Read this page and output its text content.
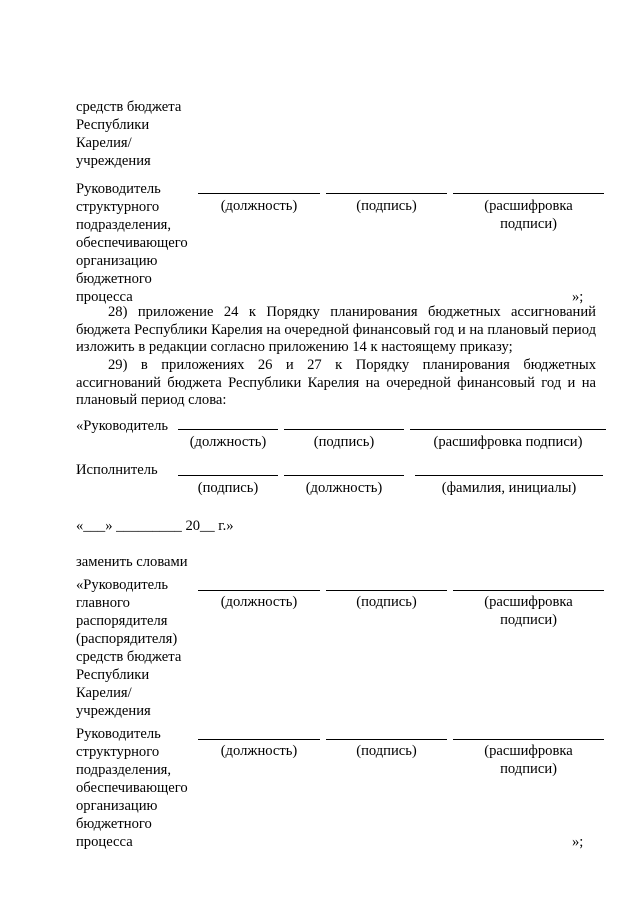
средств бюджета
Республики
Карелия/
учреждения
Руководитель
структурного
подразделения,
обеспечивающего
организацию
бюджетного
процесса
(должность)	(подпись)	(расшифровка
подписи)
»;
28) приложение 24 к Порядку планирования бюджетных ассигнований бюджета Республики Карелия на очередной финансовый год и на плановый период изложить в редакции согласно приложению 14 к настоящему приказу;
29) в приложениях 26 и 27 к Порядку планирования бюджетных ассигнований бюджета Республики Карелия на очередной финансовый год и на плановый период слова:
«Руководитель
(должность)	(подпись)	(расшифровка подписи)
Исполнитель
(подпись)	(должность)	(фамилия, инициалы)
«___» _________ 20__ г.»
заменить словами
«Руководитель
главного
распорядителя
(распорядителя)
средств бюджета
Республики
Карелия/
учреждения
(должность)	(подпись)	(расшифровка
подписи)
Руководитель
структурного
подразделения,
обеспечивающего
организацию
бюджетного
процесса
(должность)	(подпись)	(расшифровка
подписи)
»;
